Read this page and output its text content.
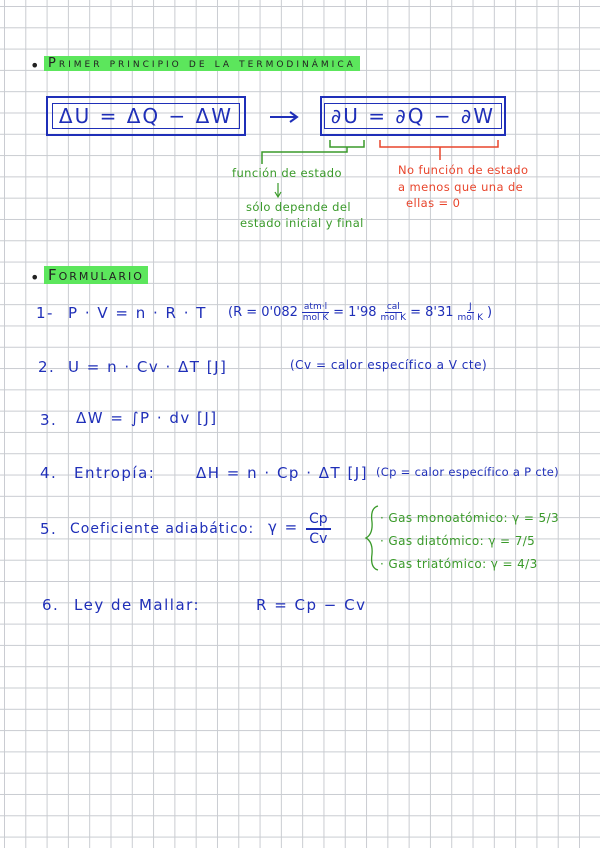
• Primer principio de la termodinámica
ΔU = ΔQ − ΔW	∂U = ∂Q − ∂W
función de estado
sólo depende del
estado inicial y final
No función de estado
a menos que una de
ellas = 0
• Formulario
1- P · V = n · R · T ($R = 0'082 \frac{\text{atm·l}}{\text{mol K}} = 1'98 \frac{\text{cal}}{\text{mol K}} = 8'31 \frac{J}{\text{mol K}}$ )
2. U = n · Cv · ΔT [J]	(Cv = calor específico a V cte)
3. ΔW = ∫P · dv [J]
4. Entropía:	ΔH = n · Cp · ΔT [J] (Cp = calor específico a P cte)
5. Coeficiente adiabático: $\gamma = \frac{Cp}{Cv}$	· Gas monoatómico: γ = 5/3
· Gas diatómico: γ = 7/5
· Gas triatómico: γ = 4/3
6. Ley de Mallar:	R = Cp − Cv
